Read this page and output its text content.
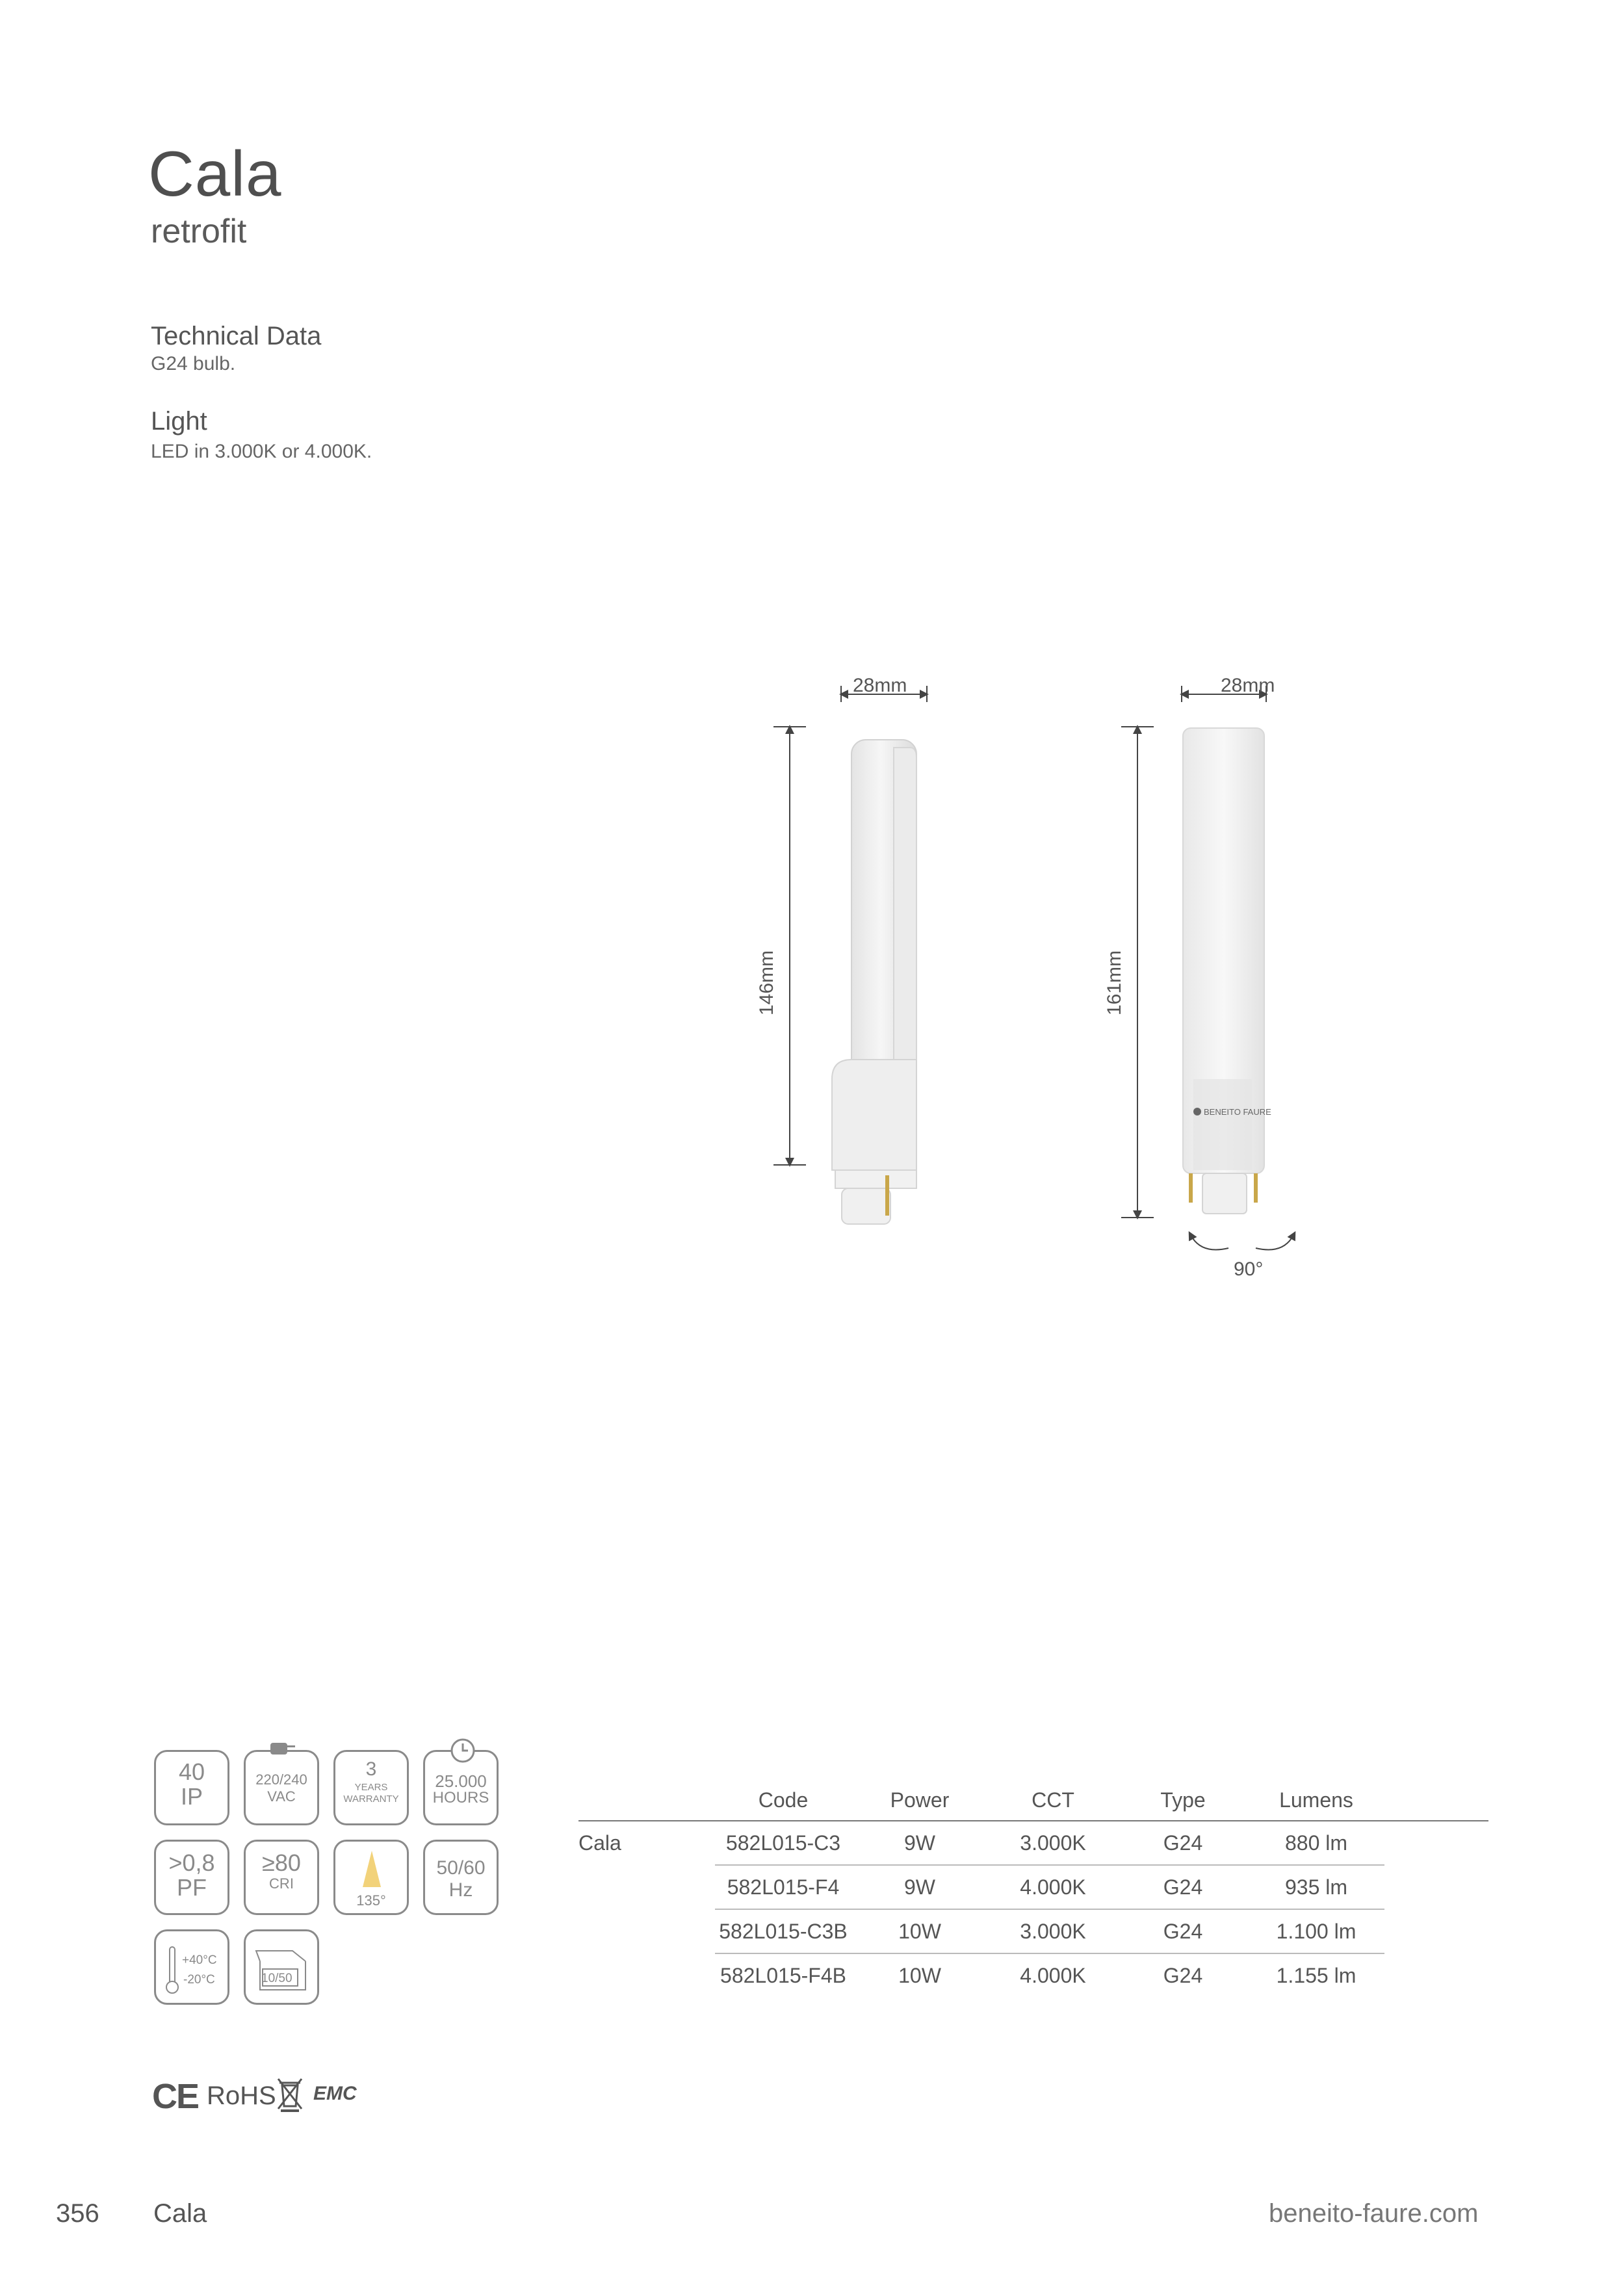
Cala
retrofit
Technical Data
G24 bulb.
Light
LED in 3.000K or 4.000K.
BENEITO FAURE
28mm
146mm
28mm
161mm
90°
40
IP
220/240
VAC
3
YEARS
WARRANTY
25.000
HOURS
>0,8
PF
≥80
CRI
135°
50/60
Hz
+40°C
-20°C	10/50
CE RoHS EMC
	Code	Power	CCT	Type	Lumens	
Cala	582L015-C3	9W	3.000K	G24	880 lm	
	582L015-F4	9W	4.000K	G24	935 lm	
	582L015-C3B	10W	3.000K	G24	1.100 lm	
	582L015-F4B	10W	4.000K	G24	1.155 lm	
356 Cala	beneito-faure.com
